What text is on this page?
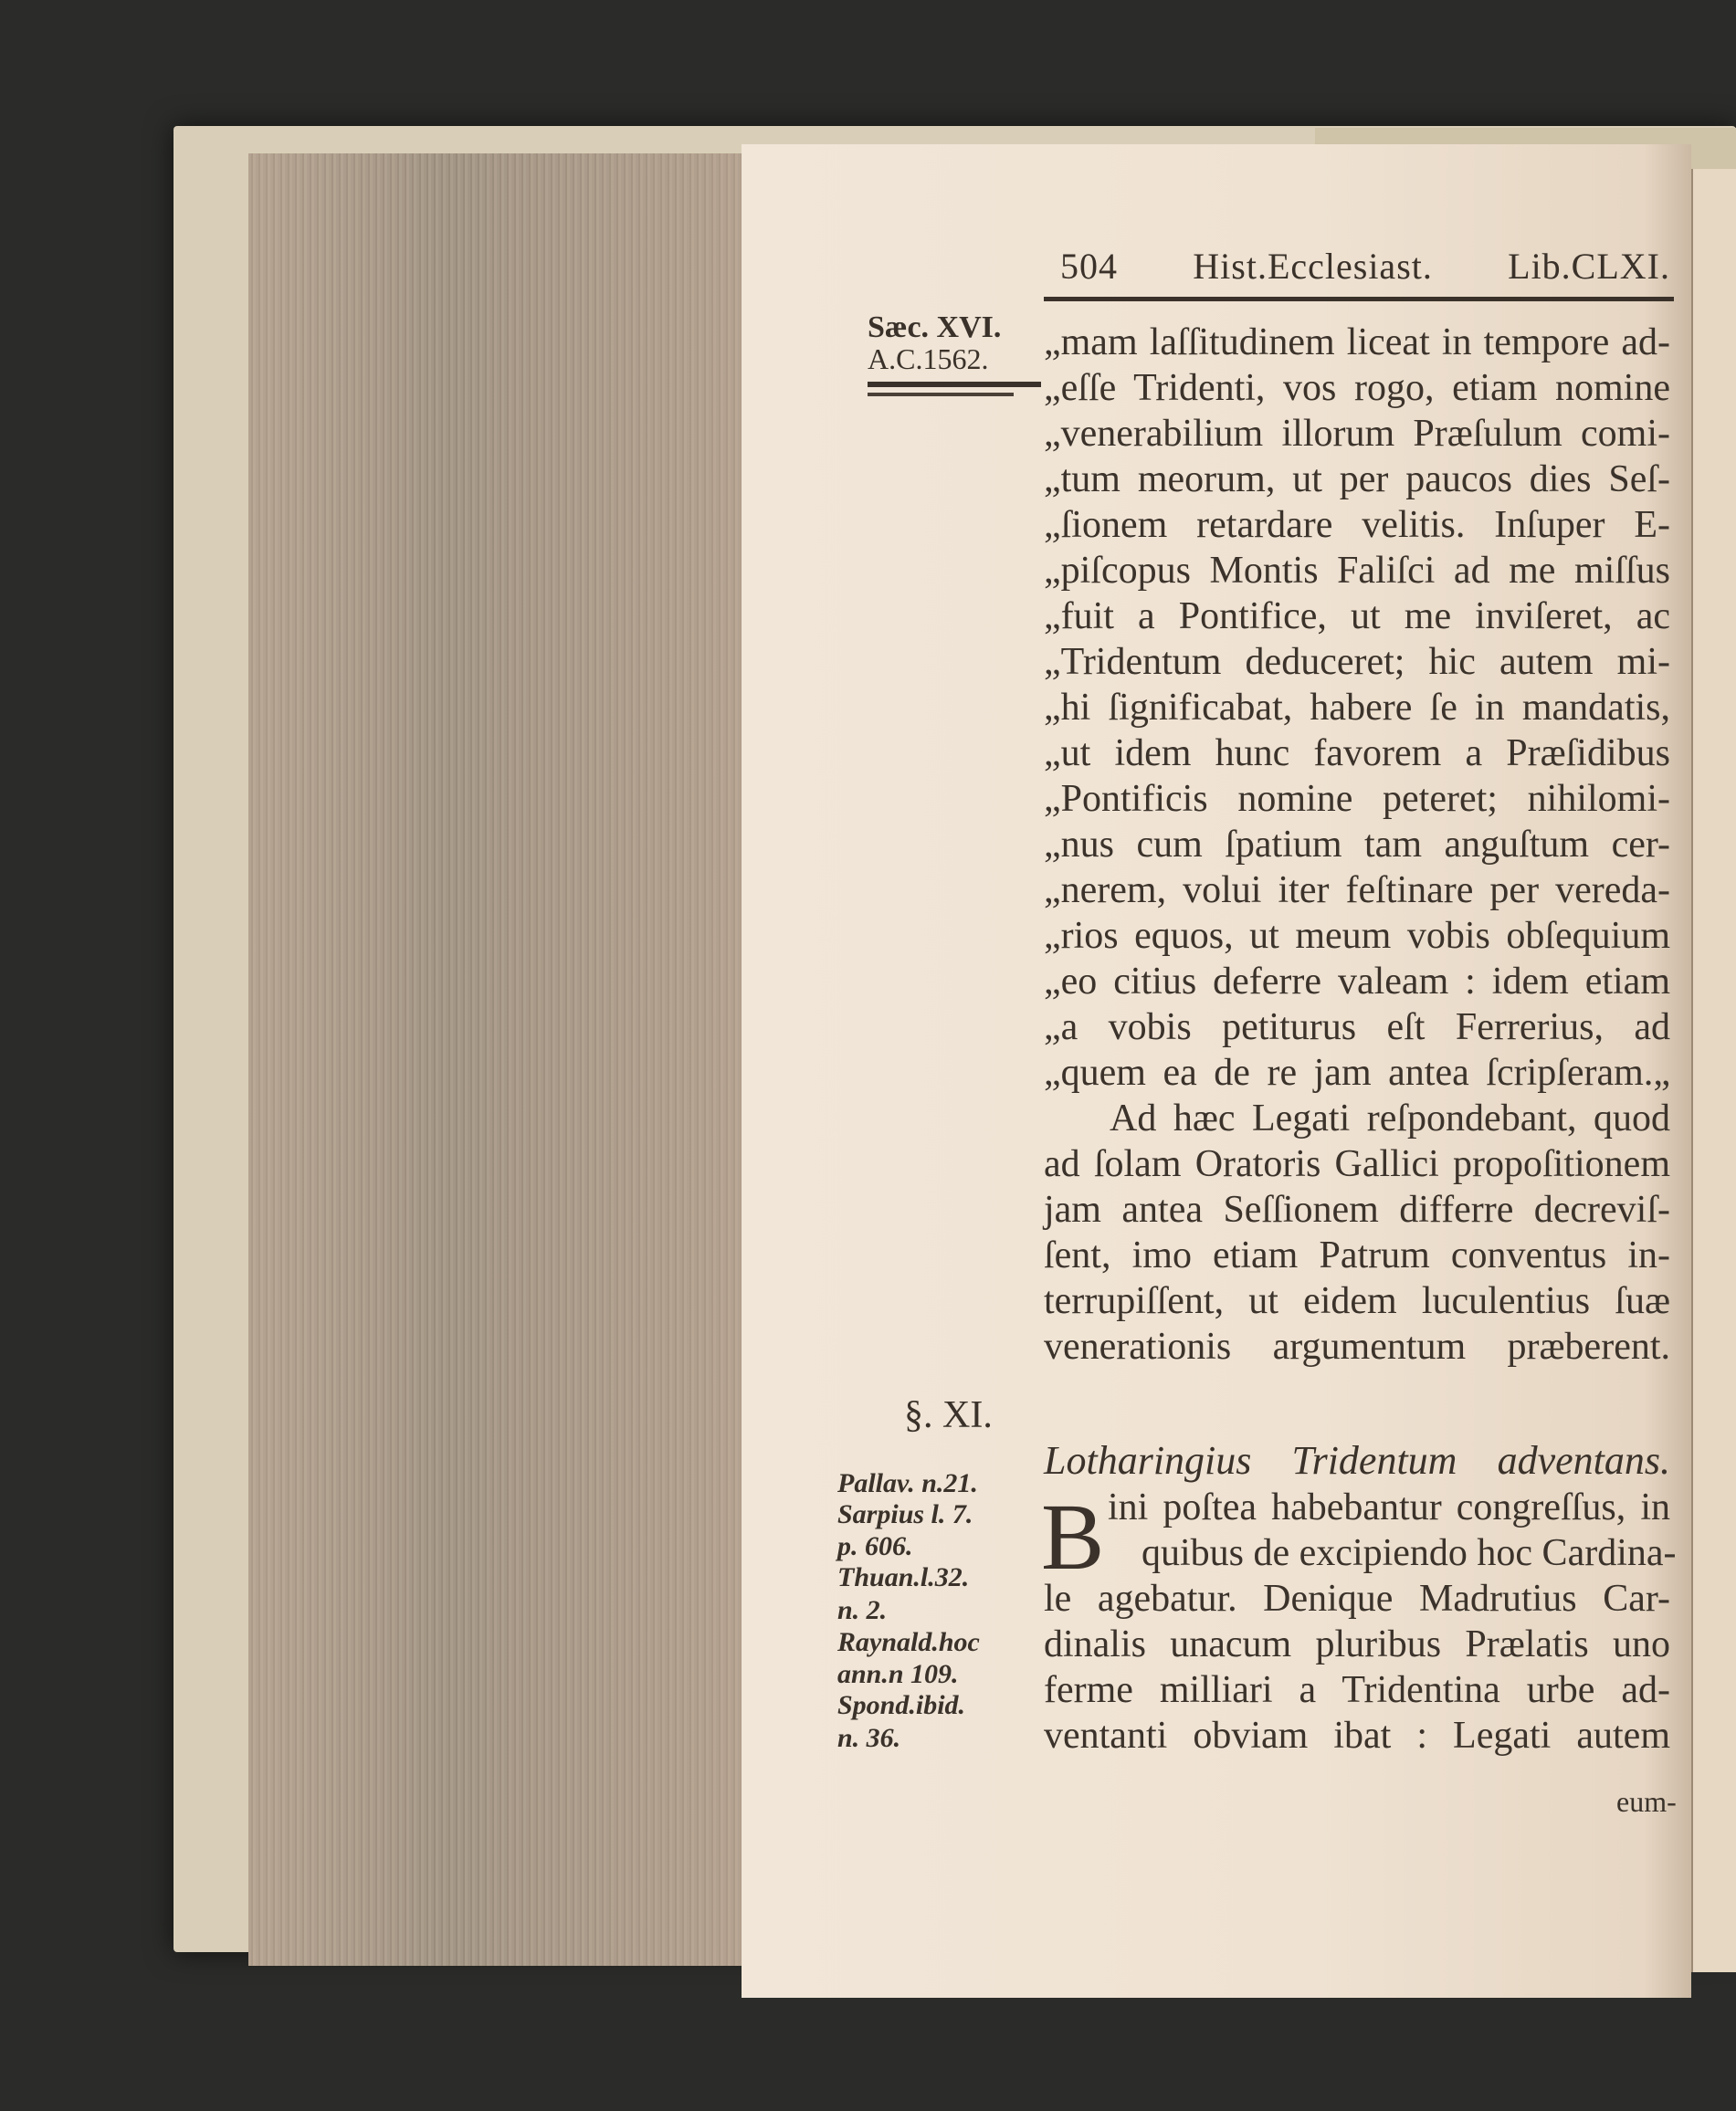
504 Hist.Ecclesiast. Lib.CLXI.
Sæc. XVI.
A.C.1562. „mam laſſitudinem liceat in tempore ad-
„eſſe Tridenti, vos rogo, etiam nomine
„venerabilium illorum Præſulum comi-
„tum meorum, ut per paucos dies Seſ-
„ſionem retardare velitis. Inſuper E-
„piſcopus Montis Faliſci ad me miſſus
„fuit a Pontifice, ut me inviſeret, ac
„Tridentum deduceret; hic autem mi-
„hi ſignificabat, habere ſe in mandatis,
„ut idem hunc favorem a Præſidibus
„Pontificis nomine peteret; nihilomi-
„nus cum ſpatium tam anguſtum cer-
„nerem, volui iter feſtinare per vereda-
„rios equos, ut meum vobis obſequium
„eo citius deferre valeam : idem etiam
„a vobis petiturus eſt Ferrerius, ad
„quem ea de re jam antea ſcripſeram.„
Ad hæc Legati reſpondebant, quod
ad ſolam Oratoris Gallici propoſitionem
jam antea Seſſionem differre decreviſ-
ſent, imo etiam Patrum conventus in-
terrupiſſent, ut eidem luculentius ſuæ
venerationis argumentum præberent.
§. XI.
Lotharingius Tridentum adventans.
B ini poſtea habebantur congreſſus, in
quibus de excipiendo hoc Cardina-
le agebatur. Denique Madrutius Car-
dinalis unacum pluribus Prælatis uno
ferme milliari a Tridentina urbe ad-
ventanti obviam ibat : Legati autem
eum-
Pallav. n.21.
Sarpius l. 7.
p. 606.
Thuan.l.32.
n. 2.
Raynald.hoc
ann.n 109.
Spond.ibid.
n. 36.
